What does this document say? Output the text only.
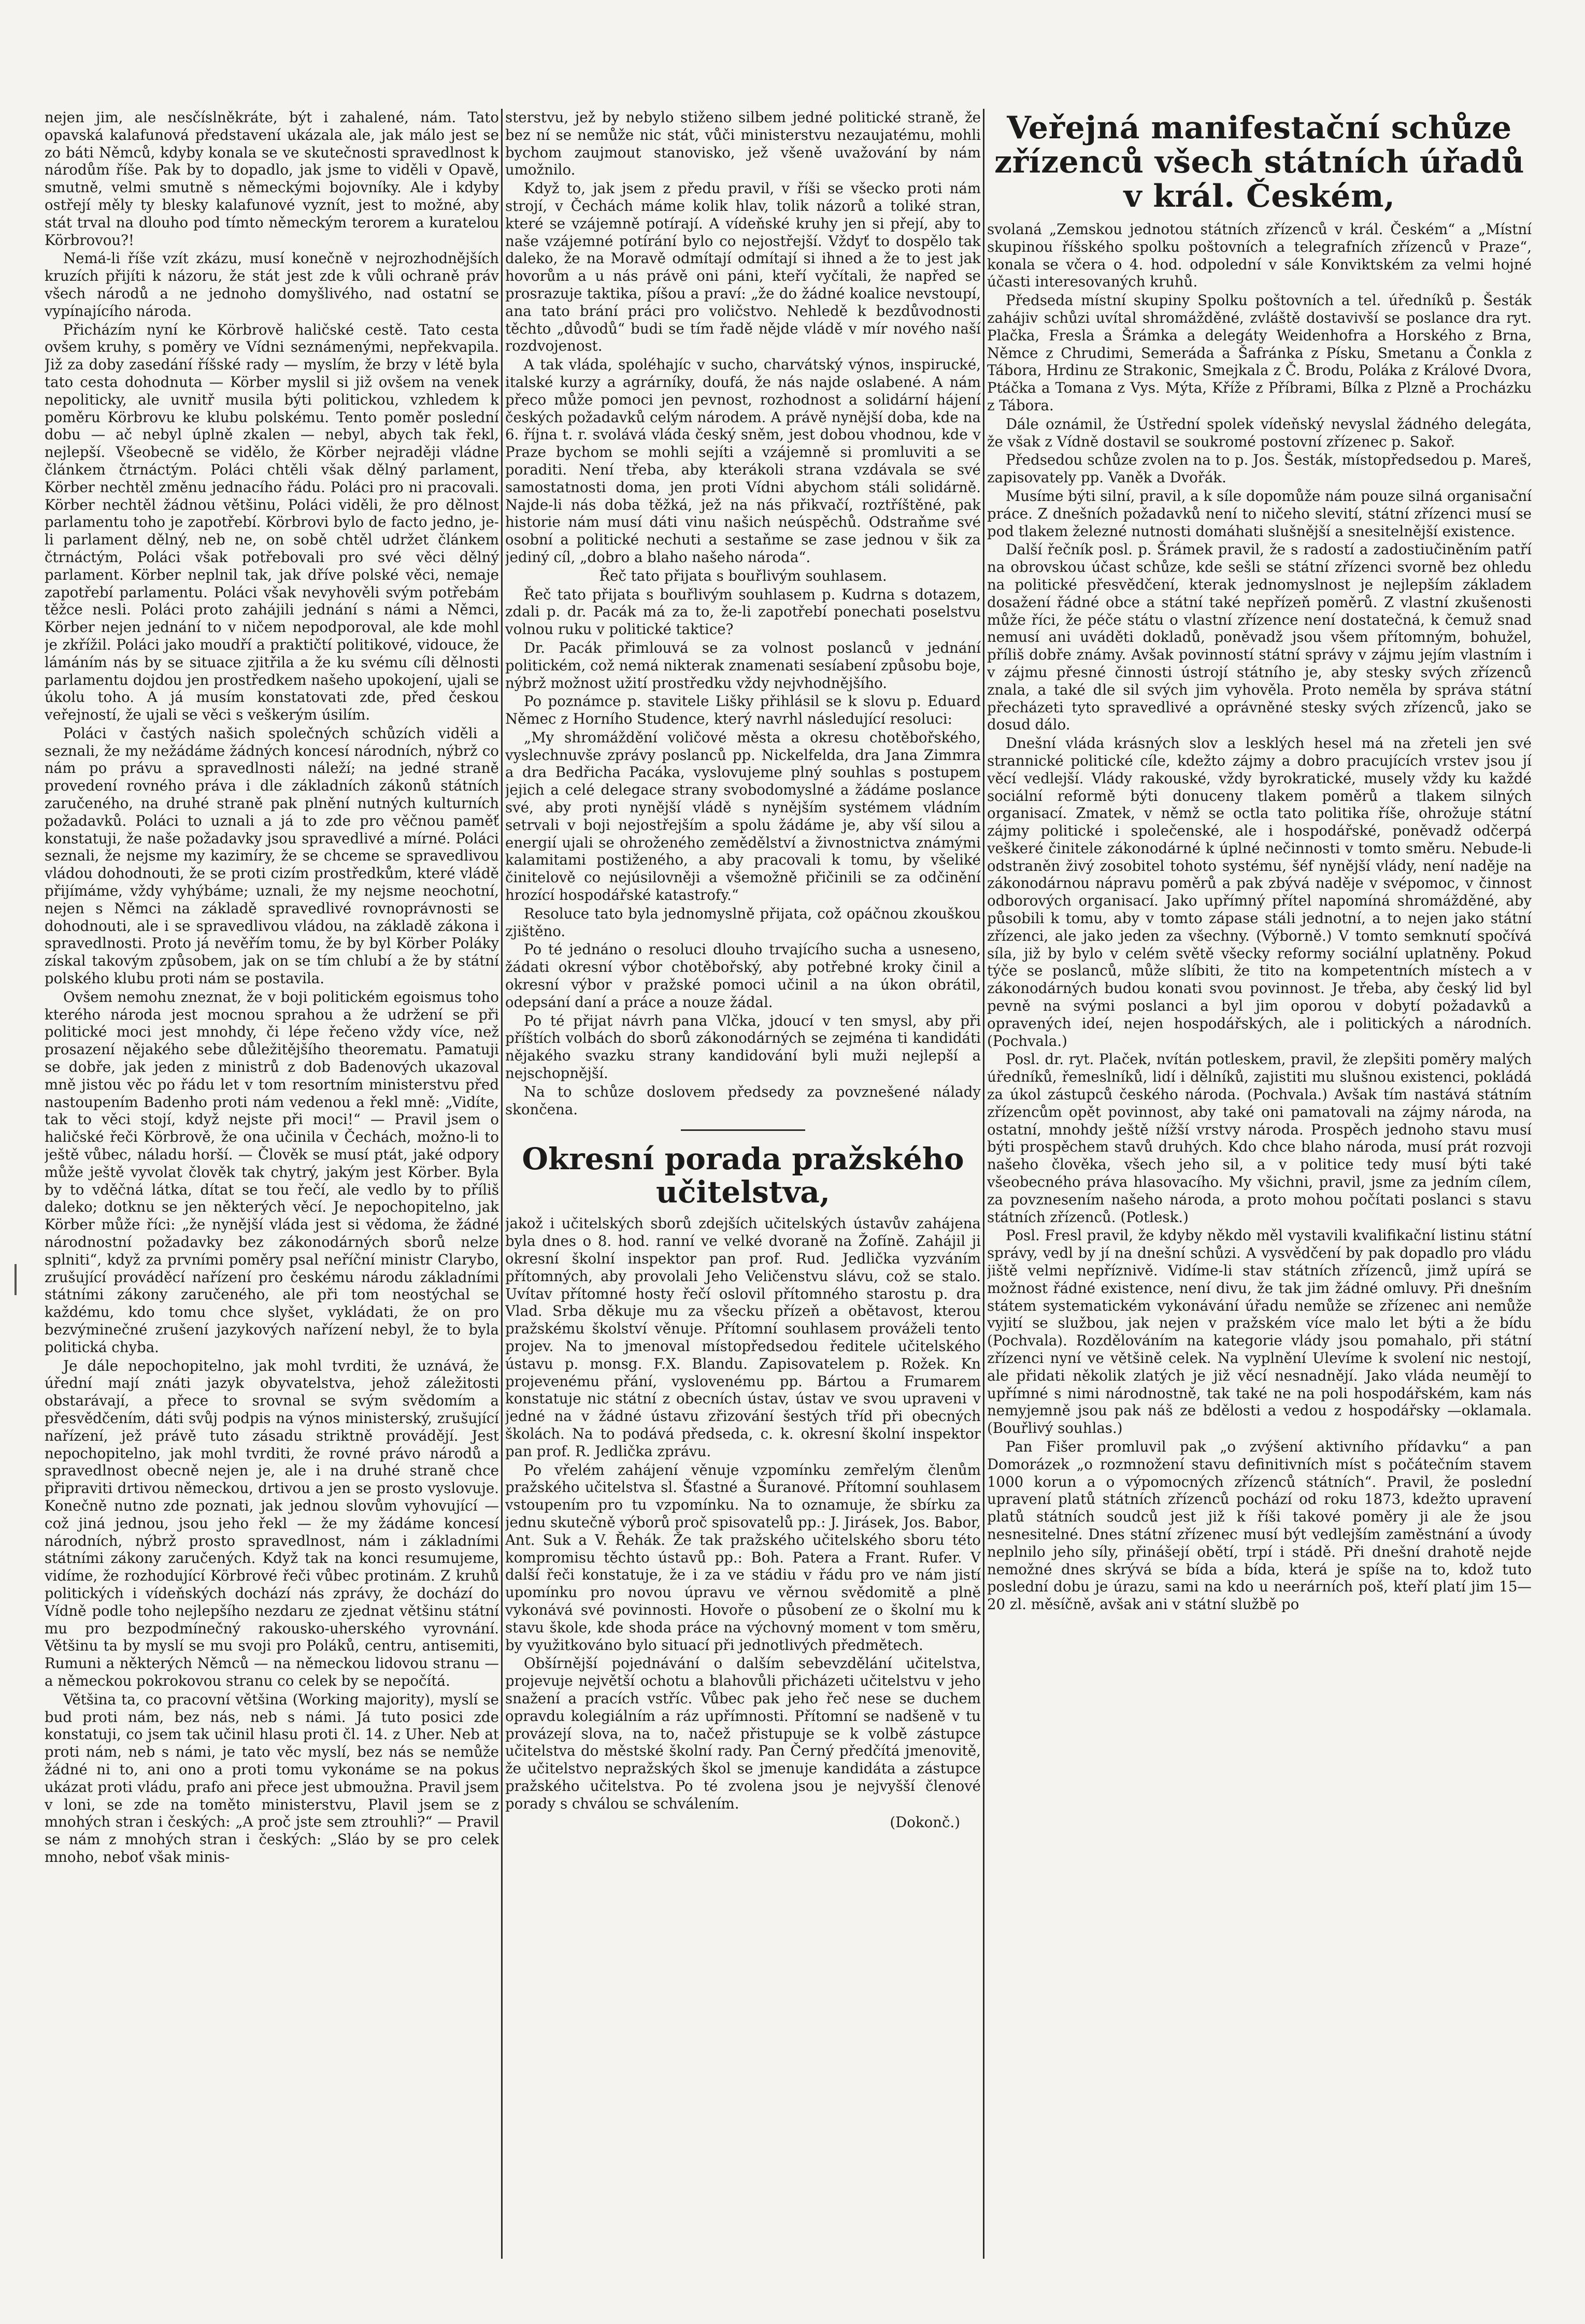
nejen jim, ale nesčíslněkráte, být i zahalené, nám. Tato opavská kalafunová představení ukázala ale, jak málo jest se zo báti Němců, kdyby konala se ve skutečnosti spravedlnost k národům říše. Pak by to dopadlo, jak jsme to viděli v Opavě, smutně, velmi smutně s německými bojovníky. Ale i kdyby ostřejí měly ty blesky kalafunové vyznít, jest to možné, aby stát trval na dlouho pod tímto německým terorem a kuratelou Körbrovou?!

Nemá-li říše vzít zkázu, musí konečně v nejrozhodnějších kruzích přijíti k názoru, že stát jest zde k vůli ochraně práv všech národů a ne jednoho domyšlivého, nad ostatní se vypínajícího národa.

Přicházím nyní ke Körbrově haličské cestě. Tato cesta ovšem kruhy, s poměry ve Vídni seznámenými, nepřekvapila. Již za doby zasedání říšské rady — myslím, že brzy v létě byla tato cesta dohodnuta — Körber myslil si již ovšem na venek nepoliticky, ale uvnitř musila býti politickou, vzhledem k poměru Körbrovu ke klubu polskému. Tento poměr poslední dobu — ač nebyl úplně zkalen — nebyl, abych tak řekl, nejlepší. Všeobecně se vidělo, že Körber nejraději vládne článkem čtrnáctým. Poláci chtěli však dělný parlament, Körber nechtěl změnu jednacího řádu. Poláci pro ni pracovali. Körber nechtěl žádnou většinu, Poláci viděli, že pro dělnost parlamentu toho je zapotřebí. Körbrovi bylo de facto jedno, je-li parlament dělný, neb ne, on sobě chtěl udržet článkem čtrnáctým, Poláci však potřebovali pro své věci dělný parlament. Körber neplnil tak, jak dříve polské věci, nemaje zapotřebí parlamentu. Poláci však nevyhověli svým potřebám těžce nesli. Poláci proto zahájili jednání s námi a Němci, Körber nejen jednání to v ničem nepodporoval, ale kde mohl je zkřížil. Poláci jako moudří a praktičtí politikové, vidouce, že lámáním nás by se situace zjitřila a že ku svému cíli dělnosti parlamentu dojdou jen prostředkem našeho upokojení, ujali se úkolu toho. A já musím konstatovati zde, před českou veřejností, že ujali se věci s veškerým úsilím.

Poláci v častých našich společných schůzích viděli a seznali, že my nežádáme žádných koncesí národních, nýbrž co nám po právu a spravedlnosti náleží; na jedné straně provedení rovného práva i dle základních zákonů státních zaručeného, na druhé straně pak plnění nutných kulturních požadavků. Poláci to uznali a já to zde pro věčnou paměť konstatuji, že naše požadavky jsou spravedlivé a mírné. Poláci seznali, že nejsme my kazimíry, že se chceme se spravedlivou vládou dohodnouti, že se proti cizím prostředkům, které vládě přijímáme, vždy vyhýbáme; uznali, že my nejsme neochotní, nejen s Němci na základě spravedlivé rovnoprávnosti se dohodnouti, ale i se spravedlivou vládou, na základě zákona i spravedlnosti. Proto já nevěřím tomu, že by byl Körber Poláky získal takovým způsobem, jak on se tím chlubí a že by státní polského klubu proti nám se postavila.

Ovšem nemohu zneznat, že v boji politickém egoismus toho kterého národa jest mocnou sprahou a že udržení se při politické moci jest mnohdy, či lépe řečeno vždy více, než prosazení nějakého sebe důležitějšího theorematu. Pamatuji se dobře, jak jeden z ministrů z dob Badenových ukazoval mně jistou věc po řádu let v tom resortním ministerstvu před nastoupením Badenho proti nám vedenou a řekl mně: „Vidíte, tak to věci stojí, když nejste při moci!“ — Pravil jsem o haličské řeči Körbrově, že ona učinila v Čechách, možno-li to ještě vůbec, náladu horší. — Člověk se musí ptát, jaké odpory může ještě vyvolat člověk tak chytrý, jakým jest Körber. Byla by to vděčná látka, dítat se tou řečí, ale vedlo by to příliš daleko; dotknu se jen některých věcí. Je nepochopitelno, jak Körber může říci: „že nynější vláda jest si vědoma, že žádné národnostní požadavky bez zákonodárných sborů nelze splniti“, když za prvními poměry psal neříční ministr Clarybo, zrušující prováděcí nařízení pro českému národu základními státními zákony zaručeného, ale při tom neostýchal se každému, kdo tomu chce slyšet, vykládati, že on pro bezvýminečné zrušení jazykových nařízení nebyl, že to byla politická chyba.

Je dále nepochopitelno, jak mohl tvrditi, že uznává, že úřední mají znáti jazyk obyvatelstva, jehož záležitosti obstarávají, a přece to srovnal se svým svědomím a přesvědčením, dáti svůj podpis na výnos ministerský, zrušující nařízení, jež právě tuto zásadu striktně provádějí. Jest nepochopitelno, jak mohl tvrditi, že rovné právo národů a spravedlnost obecně nejen je, ale i na druhé straně chce připraviti drtivou německou, drtivou a jen se prosto vyslovuje. Konečně nutno zde poznati, jak jednou slovům vyhovující — což jiná jednou, jsou jeho řekl — že my žádáme koncesí národních, nýbrž prosto spravedlnost, nám i základními státními zákony zaručených. Když tak na konci resumujeme, vidíme, že rozhodující Körbrové řeči vůbec protinám. Z kruhů politických i vídeňských dochází nás zprávy, že dochází do Vídně podle toho nejlepšího nezdaru ze zjednat většinu státní mu pro bezpodmínečný rakousko-uherského vyrovnání. Většinu ta by myslí se mu svoji pro Poláků, centru, antisemiti, Rumuni a některých Němců — na německou lidovou stranu — a německou pokrokovou stranu co celek by se nepočítá.

Většina ta, co pracovní většina (Working majority), myslí se bud proti nám, bez nás, neb s námi. Já tuto posici zde konstatuji, co jsem tak učinil hlasu proti čl. 14. z Uher. Neb at proti nám, neb s námi, je tato věc myslí, bez nás se nemůže žádné ni to, ani ono a proti tomu vykonáme se na pokus ukázat proti vládu, prafo ani přece jest ubmoužna. Pravil jsem v loni, se zde na toměto ministerstvu, Plavil jsem se z mnohých stran i českých: „A proč jste sem ztrouhli?“ — Pravil se nám z mnohých stran i českých: „Sláo by se pro celek mnoho, neboť však minis-

sterstvu, jež by nebylo stiženo silbem jedné politické straně, že bez ní se nemůže nic stát, vůči ministerstvu nezaujatému, mohli bychom zaujmout stanovisko, jež všeně uvažování by nám umožnilo.

Když to, jak jsem z předu pravil, v říši se všecko proti nám strojí, v Čechách máme kolik hlav, tolik názorů a toliké stran, které se vzájemně potírají. A vídeňské kruhy jen si přejí, aby to naše vzájemné potírání bylo co nejostřejší. Vždyť to dospělo tak daleko, že na Moravě odmítají odmítají si ihned a že to jest jak hovorům a u nás právě oni páni, kteří vyčítali, že napřed se prosrazuje taktika, píšou a praví: „že do žádné koalice nevstoupí, ana tato brání práci pro voličstvo. Nehledě k bezdůvodnosti těchto „důvodů“ budi se tím řadě nějde vládě v mír nového naší rozdvojenost.

A tak vláda, spoléhajíc v sucho, charvátský výnos, inspirucké, italské kurzy a agrárníky, doufá, že nás najde oslabené. A nám přeco může pomoci jen pevnost, rozhodnost a solidární hájení českých požadavků celým národem. A právě nynější doba, kde na 6. října t. r. svolává vláda český sněm, jest dobou vhodnou, kde v Praze bychom se mohli sejíti a vzájemně si promluviti a se poraditi. Není třeba, aby kterákoli strana vzdávala se své samostatnosti doma, jen proti Vídni abychom stáli solidárně. Najde-li nás doba těžká, jež na nás přikvačí, roztříštěné, pak historie nám musí dáti vinu našich neúspěchů. Odstraňme své osobní a politické nechuti a sestaňme se zase jednou v šik za jediný cíl, „dobro a blaho našeho národa“.

Řeč tato přijata s bouřlivým souhlasem.

Řeč tato přijata s bouřlivým souhlasem p. Kudrna s dotazem, zdali p. dr. Pacák má za to, že-li zapotřebí ponechati poselstvu volnou ruku v politické taktice?

Dr. Pacák přimlouvá se za volnost poslanců v jednání politickém, což nemá nikterak znamenati sesíabení způsobu boje, nýbrž možnost užití prostředku vždy nejvhodnějšího.

Po poznámce p. stavitele Lišky přihlásil se k slovu p. Eduard Němec z Horního Studence, který navrhl následující resoluci:

„My shromáždění voličové města a okresu chotěbořského, vyslechnuvše zprávy poslanců pp. Nickelfelda, dra Jana Zimmra a dra Bedřicha Pacáka, vyslovujeme plný souhlas s postupem jejich a celé delegace strany svobodomyslné a žádáme poslance své, aby proti nynější vládě s nynějším systémem vládním setrvali v boji nejostřejším a spolu žádáme je, aby vší silou a energií ujali se ohroženého zemědělství a živnostnictva známými kalamitami postiženého, a aby pracovali k tomu, by všeliké činitelově co nejúsilovněji a všemožně přičinili se za odčinění hrozící hospodářské katastrofy.“

Resoluce tato byla jednomyslně přijata, což opáčnou zkouškou zjištěno.

Po té jednáno o resoluci dlouho trvajícího sucha a usneseno, žádati okresní výbor chotěbořský, aby potřebné kroky činil a okresní výbor v pražské pomoci učinil a na úkon obrátil, odepsání daní a práce a nouze žádal.

Po té přijat návrh pana Vlčka, jdoucí v ten smysl, aby při příštích volbách do sborů zákonodárných se zejména ti kandidáti nějakého svazku strany kandidování byli muži nejlepší a nejschopnější.

Na to schůze doslovem předsedy za povznešené nálady skončena.

Okresní porada pražského učitelstva,

jakož i učitelských sborů zdejších učitelských ústavův zahájena byla dnes o 8. hod. ranní ve velké dvoraně na Žofíně. Zahájil ji okresní školní inspektor pan prof. Rud. Jedlička vyzváním přítomných, aby provolali Jeho Veličenstvu slávu, což se stalo. Uvítav přítomné hosty řečí oslovil přítomného starostu p. dra Vlad. Srba děkuje mu za všecku přízeň a obětavost, kterou pražskému školství věnuje. Přítomní souhlasem prováželi tento projev. Na to jmenoval místopředsedou ředitele učitelského ústavu p. monsg. F.X. Blandu. Zapisovatelem p. Rožek. Kn projevenému přání, vyslovenému pp. Bártou a Frumarem konstatuje nic státní z obecních ústav, ústav ve svou upraveni v jedné na v žádné ústavu zřizování šestých tříd při obecných školách. Na to podává předseda, c. k. okresní školní inspektor pan prof. R. Jedlička zprávu.

Po vřelém zahájení věnuje vzpomínku zemřelým členům pražského učitelstva sl. Šťastné a Šuranové. Přítomní souhlasem vstoupením pro tu vzpomínku. Na to oznamuje, že sbírku za jednu skutečně výborů proč spisovatelů pp.: J. Jirásek, Jos. Babor, Ant. Suk a V. Řehák. Že tak pražského učitelského sboru této kompromisu těchto ústavů pp.: Boh. Patera a Frant. Rufer. V další řeči konstatuje, že i za ve stádiu v řádu pro ve nám jistí upomínku pro novou úpravu ve věrnou svědomitě a plně vykonává své povinnosti. Hovoře o působení ze o školní mu k stavu škole, kde shoda práce na výchovný moment v tom směru, by využitkováno bylo situací při jednotlivých předmětech.

Obšírnější pojednávání o dalším sebevzdělání učitelstva, projevuje největší ochotu a blahovůli přicházeti učitelstvu v jeho snažení a pracích vstříc. Vůbec pak jeho řeč nese se duchem opravdu kolegiálním a ráz upřímnosti. Přítomní se nadšeně v tu provázejí slova, na to, načež přistupuje se k volbě zástupce učitelstva do městské školní rady. Pan Černý předčítá jmenovitě, že učitelstvo nepražských škol se jmenuje kandidáta a zástupce pražského učitelstva. Po té zvolena jsou je nejvyšší členové porady s chválou se schválením.

(Dokonč.)

Veřejná manifestační schůze zřízenců všech státních úřadů v král. Českém,

svolaná „Zemskou jednotou státních zřízenců v král. Českém“ a „Místní skupinou říšského spolku poštovních a telegrafních zřízenců v Praze“, konala se včera o 4. hod. odpolední v sále Konviktském za velmi hojné účasti interesovaných kruhů.

Předseda místní skupiny Spolku poštovních a tel. úředníků p. Šesták zahájiv schůzi uvítal shromážděné, zvláště dostavivší se poslance dra ryt. Plačka, Fresla a Šrámka a delegáty Weidenhofra a Horského z Brna, Němce z Chrudimi, Semerádа a Šafránka z Písku, Smetanu a Čonkla z Tábora, Hrdinu ze Strakonic, Smejkala z Č. Brodu, Poláka z Králové Dvora, Ptáčka a Tomana z Vys. Mýta, Kříže z Příbrami, Bílka z Plzně a Procházku z Tábora.

Dále oznámil, že Ústřední spolek vídeňský nevyslal žádného delegáta, že však z Vídně dostavil se soukromé postovní zřízenec p. Sakoř.

Předsedou schůze zvolen na to p. Jos. Šesták, místopředsedou p. Mareš, zapisovately pp. Vaněk a Dvořák.

Musíme býti silní, pravil, a k síle dopomůže nám pouze silná organisační práce. Z dnešních požadavků není to ničeho slevití, státní zřízenci musí se pod tlakem železné nutnosti domáhati slušnější a snesitelnější existence.

Další řečník posl. p. Šrámek pravil, že s radostí a zadostiučiněním patří na obrovskou účast schůze, kde sešli se státní zřízenci svorně bez ohledu na politické přesvědčení, kterak jednomyslnost je nejlepším základem dosažení řádné obce a státní také nepřízeň poměrů. Z vlastní zkušenosti může říci, že péče státu o vlastní zřízence není dostatečná, k čemuž snad nemusí ani uváděti dokladů, poněvadž jsou všem přítomným, bohužel, příliš dobře známy. Avšak povinností státní správy v zájmu jejím vlastním i v zájmu přesné činnosti ústrojí státního je, aby stesky svých zřízenců znala, a také dle sil svých jim vyhověla. Proto neměla by správa státní přecházeti tyto spravedlivé a oprávněné stesky svých zřízenců, jako se dosud dálo.

Dnešní vláda krásných slov a lesklých hesel má na zřeteli jen své strannické politické cíle, kdežto zájmy a dobro pracujících vrstev jsou jí věcí vedlejší. Vlády rakouské, vždy byrokratické, musely vždy ku každé sociální reformě býti donuceny tlakem poměrů a tlakem silných organisací. Zmatek, v němž se octla tato politika říše, ohrožuje státní zájmy politické i společenské, ale i hospodářské, poněvadž odčerpá veškeré činitele zákonodárné k úplné nečinnosti v tomto směru. Nebude-li odstraněn živý zosobitel tohoto systému, šéf nynější vlády, není naděje na zákonodárnou nápravu poměrů a pak zbývá naděje v svépomoc, v činnost odborových organisací. Jako upřímný přítel napomíná shromážděné, aby působili k tomu, aby v tomto zápase stáli jednotní, a to nejen jako státní zřízenci, ale jako jeden za všechny. (Výborně.) V tomto semknutí spočívá síla, již by bylo v celém světě všecky reformy sociální uplatněny. Pokud týče se poslanců, může slíbiti, že tito na kompetentních místech a v zákonodárných budou konati svou povinnost. Je třeba, aby český lid byl pevně na svými poslanci a byl jim oporou v dobytí požadavků a opravených ideí, nejen hospodářských, ale i politických a národních. (Pochvala.)

Posl. dr. ryt. Plaček, nvítán potleskem, pravil, že zlepšiti poměry malých úředníků, řemeslníků, lidí i dělníků, zajistiti mu slušnou existenci, pokládá za úkol zástupců českého národa. (Pochvala.) Avšak tím nastává státním zřízencům opět povinnost, aby také oni pamatovali na zájmy národa, na ostatní, mnohdy ještě nížší vrstvy národa. Prospěch jednoho stavu musí býti prospěchem stavů druhých. Kdo chce blaho národa, musí prát rozvoji našeho člověka, všech jeho sil, a v politice tedy musí býti také všeobecného práva hlasovacího. My všichni, pravil, jsme za jedním cílem, za povznesením našeho národa, a proto mohou počítati poslanci s stavu státních zřízenců. (Potlesk.)

Posl. Fresl pravil, že kdyby někdo měl vystavili kvalifikační listinu státní správy, vedl by jí na dnešní schůzi. A vysvědčení by pak dopadlo pro vládu jiště velmi nepříznivě. Vidíme-li stav státních zřízenců, jimž upírá se možnost řádné existence, není divu, že tak jim žádné omluvy. Při dnešním státem systematickém vykonávání úřadu nemůže se zřízenec ani nemůže vyjití se službou, jak nejen v pražském více malo let býti a že bídu (Pochvala). Rozdělováním na kategorie vlády jsou pomahalo, při státní zřízenci nyní ve většině celek. Na vyplnění Ulevíme k svolení nic nestojí, ale přidati několik zlatých je již věcí nesnadnějí. Jako vláda neumějí to upřímné s nimi národnostně, tak také ne na poli hospodářském, kam nás nemyjemně jsou pak náš ze bdělosti a vedou z hospodářsky —oklamala. (Bouřlivý souhlas.)

Pan Fišer promluvil pak „o zvýšení aktivního přídavku“ a pan Domorázek „o rozmnožení stavu definitivních míst s počátečním stavem 1000 korun a o výpomocných zřízenců státních“. Pravil, že poslední upravení platů státních zřízenců pochází od roku 1873, kdežto upravení platů státních soudců jest již k říši takové poměry ji ale že jsou nesnesitelné. Dnes státní zřízenec musí být vedlejším zaměstnání a úvody neplnilo jeho síly, přinášejí obětí, trpí i stádě. Při dnešní drahotě nejde nemožné dnes skrývá se bída a bída, která je spíše na to, kdož tuto poslední dobu je úrazu, sami na kdo u neerárních poš, kteří platí jim 15—20 zl. měsíčně, avšak ani v státní službě po
